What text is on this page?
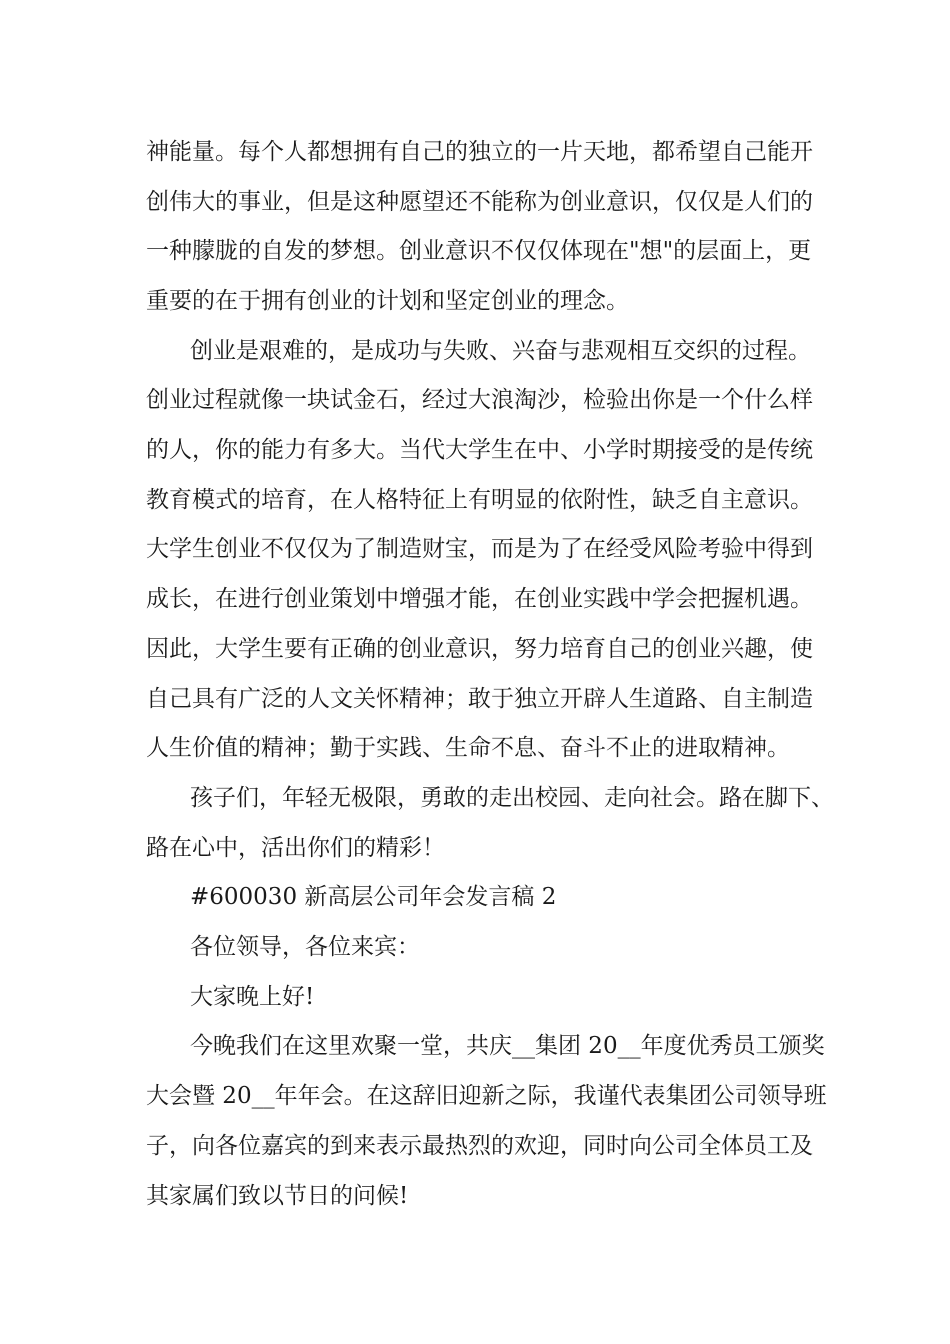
神能量。每个人都想拥有自己的独立的一片天地，都希望自己能开
创伟大的事业，但是这种愿望还不能称为创业意识，仅仅是人们的
一种朦胧的自发的梦想。创业意识不仅仅体现在"想"的层面上，更
重要的在于拥有创业的计划和坚定创业的理念。
创业是艰难的，是成功与失败、兴奋与悲观相互交织的过程。
创业过程就像一块试金石，经过大浪淘沙，检验出你是一个什么样
的人，你的能力有多大。当代大学生在中、小学时期接受的是传统
教育模式的培育，在人格特征上有明显的依附性，缺乏自主意识。
大学生创业不仅仅为了制造财宝，而是为了在经受风险考验中得到
成长，在进行创业策划中增强才能，在创业实践中学会把握机遇。
因此，大学生要有正确的创业意识，努力培育自己的创业兴趣，使
自己具有广泛的人文关怀精神；敢于独立开辟人生道路、自主制造
人生价值的精神；勤于实践、生命不息、奋斗不止的进取精神。
孩子们，年轻无极限，勇敢的走出校园、走向社会。路在脚下、
路在心中，活出你们的精彩！
#600030 新高层公司年会发言稿 2
各位领导，各位来宾：
大家晚上好!
今晚我们在这里欢聚一堂，共庆__集团 20__年度优秀员工颁奖
大会暨 20__年年会。在这辞旧迎新之际，我谨代表集团公司领导班
子，向各位嘉宾的到来表示最热烈的欢迎，同时向公司全体员工及
其家属们致以节日的问候!
